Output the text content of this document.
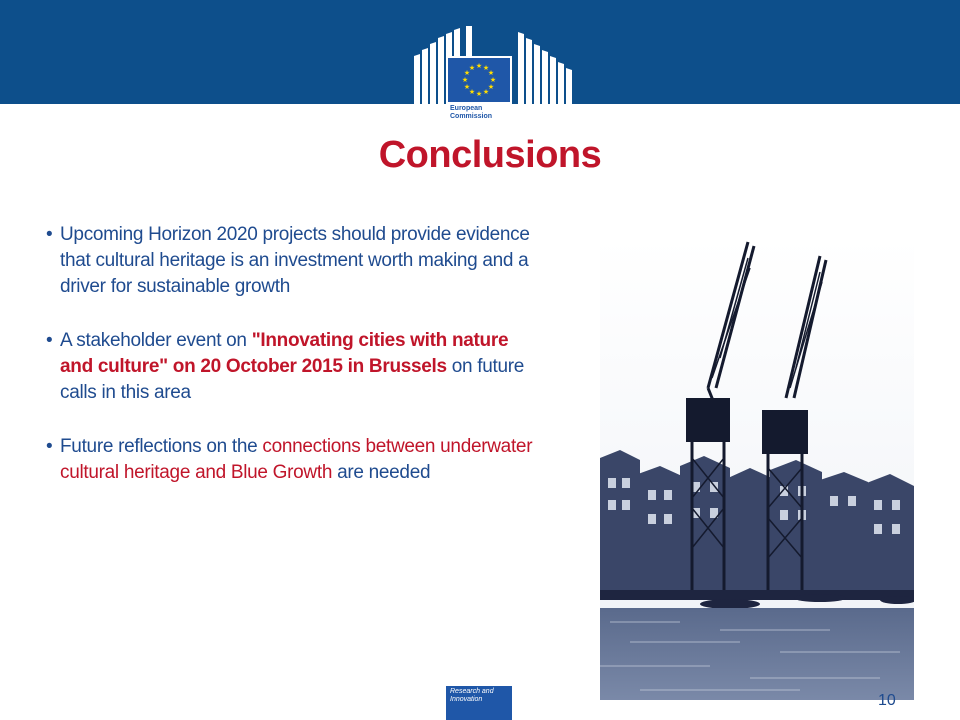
★ ★
★
★
★
★
★
★
★
★
★
★
European
Commission
Conclusions
• Upcoming Horizon 2020 projects should provide evidence that cultural heritage is an investment worth making and a driver for sustainable growth
• A stakeholder event on "Innovating cities with nature and culture" on 20 October 2015 in Brussels on future calls in this area
• Future reflections on the connections between underwater cultural heritage and Blue Growth are needed
Research and
Innovation	10
